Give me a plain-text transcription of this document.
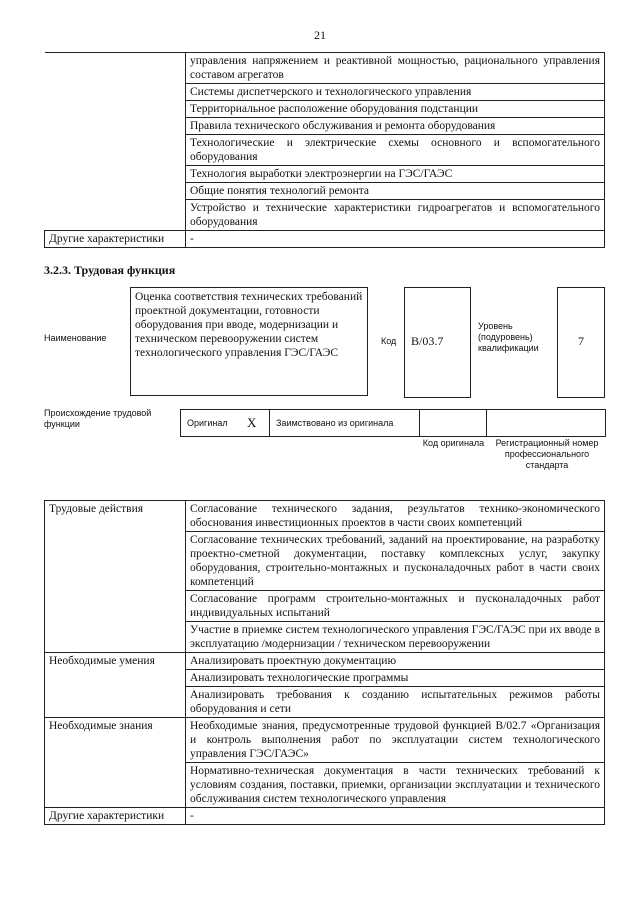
21
	управления напряжением и реактивной мощностью, рационального управления составом агрегатов
	Системы диспетчерского и технологического управления
	Территориальное расположение оборудования подстанции
	Правила технического обслуживания и ремонта оборудования
	Технологические и электрические схемы основного и вспомогательного оборудования
	Технология выработки электроэнергии на ГЭС/ГАЭС
	Общие понятия технологий ремонта
	Устройство и технические характеристики гидроагрегатов и вспомогательного оборудования
Другие характеристики	-
3.2.3. Трудовая функция
Наименование
Оценка соответствия технических требований проектной документации, готовности оборудования при вводе, модернизации и техническом перевооружении систем технологического управления ГЭС/ГАЭС
Код B/03.7
Уровень (подуровень) квалификации	7
Происхождение трудовой функции	Оригинал X Заимствовано из оригинала
Код оригинала	Регистрационный номер профессионального стандарта
Трудовые действия	Согласование технического задания, результатов технико-экономического обоснования инвестиционных проектов в части своих компетенций
	Согласование технических требований, заданий на проектирование, на разработку проектно-сметной документации, поставку комплексных услуг, закупку оборудования, строительно-монтажных и пусконаладочных работ в части своих компетенций
	Согласование программ строительно-монтажных и пусконаладочных работ индивидуальных испытаний
	Участие в приемке систем технологического управления ГЭС/ГАЭС при их вводе в эксплуатацию /модернизации / техническом перевооружении
Необходимые умения	Анализировать проектную документацию
	Анализировать технологические программы
	Анализировать требования к созданию испытательных режимов работы оборудования и сети
Необходимые знания	Необходимые знания, предусмотренные трудовой функцией B/02.7 «Организация и контроль выполнения работ по эксплуатации систем технологического управления ГЭС/ГАЭС»
	Нормативно-техническая документация в части технических требований к условиям создания, поставки, приемки, организации эксплуатации и технического обслуживания систем технологического управления
Другие характеристики	-
